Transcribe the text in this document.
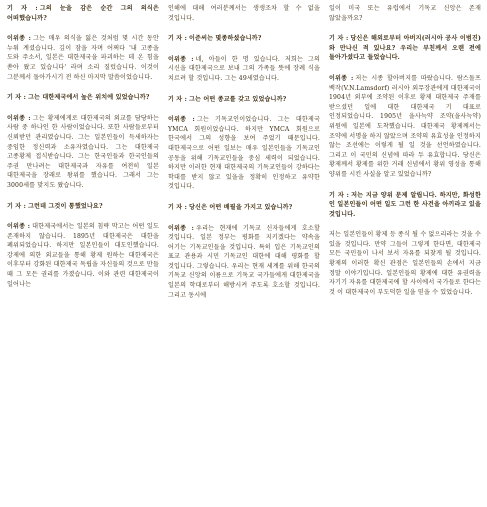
기 자 : 그의 눈을 감은 순간 그의 의식은 어떠했습니까?

이위종 : 그는 매우 의식을 잃은 것처럼 몇 시간 동안 누워 계셨습니다. 깊이 잠을 자며 어쩌다 '내 고종을 도와 주소서, 일본은 대한제국을 파괴하는 데 온 힘을 쏟아 왔고 있습니다' 라며 소리 질렀습니다. 이것이 그분께서 돌아가시기 전 하신 마지막 말씀이었습니다.

기 자 : 그는 대한제국에서 높은 위치에 있었습니까?

이위종 : 그는 황제에게로 대한제국의 외교를 담당하는 사람 중 하나인 한 사람이었습니다. 또한 사람들로부터 신뢰받던 관리였습니다. 그는 일본인들이 득세하자는 중임한 정신력과 소유자였습니다. 그는 대한제국 고종황제 접식받습니다. 그는 한국인들과 한국인들의 주권 만나려는 대한제국과 자유를 여전히 일본 대한제국을 장래로 왕위를 했습니다. 그래서 그는 3000세를 맞지도 왔습니다.

기 자 : 그런데 그것이 통했었나요?

이위종 : 대한제국에서는 일본의 침략 막고는 어떤 일도 존재하지 않습니다. 1895년 대한제국은 대한을 폐위되었습니다. 하지만 일본인들이 대도인했습니다. 강제에 의한 외교들을 통해 황제 원하는 대한제국은 이후부터 강화된 대한제국 독립을 자신들의 것으로 만들 때 그 모든 권리를 가졌습니다. 이와 관련 대한제국이 일어나는

인해에 대해 여러분께서는 생생조차 할 수 없을 것입니다.

기 자 : 이준씨는 몇종하셨습니까?

이위종 : 네, 아들이 한 명 있습니다. 저희는 그의 시신을 대한제국으로 보내 그의 가족들 뜻에 장례 식을 치르려 할 것입니다. 그는 49세였습니다.

기 자 : 그는 어떤 종교를 갖고 있었습니까?

이위종 : 그는 기독교인이었습니다. 그는 대한제국 YMCA 회원이었습니다. 하지만 YMCA 회원으로 한국에서 그의 성향을 보여 주었기 때문입니다. 대한제국으로 어떤 일보는 매우 일본인들을 기독교인 공동을 위해 기독교인들을 중심 세력이 되었습니다. 하지만 이러한 현재 대한제국의 기독교인들이 강하다는 학대를 받지 않고 있을을 정확히 인정하고 유약한 것입니다.

기 자 : 당신은 어떤 배필을 가지고 있습니까?

이위종 : 우리는 현재에 기독교 신자들에게 호소할 것입니다. 일본 정부는 평화를 지키겠다는 약속을 어기는 기독교인들을 것입니다. 특히 입은 기독교인의 표교 관용과 시민 기독교인 대한에 대해 평화를 할 것입니다. 그렇습니다. 우리는 현재 세계를 위해 한국의 기독교 신앙의 이름으로 기독교 국가들에게 대한제국을 일본의 학대로부터 해방시켜 주도록 호소할 것입니다. 그리고 동시에

일이 미국 또는 유럽에서 기독교 신앙은 존재 않았을까요?

기 자 : 당신은 해외로부터 아버지(러시아 공사 이범진)와 만나신 적 있나요? 우리는 부친께서 오랜 전에 돌아가셨다고 들었습니다.

이위종 : 저는 시종 할아버지를 따랐습니다. 람스돌프 백작(V.N.Lamsdorf) 러시아 외무장관에게 대한제국이 1904년 외부에 조약된 이후로 황제 대한제국 주재를 받으셨던 일에 대한 대한제국 기 대표로 인정되었습니다. 1905년 을사늑약 조약(을사늑약) 위원에 일본에 도착했습니다. 대한제국 황제께서는 조약에 서명을 하지 않았으며 조약의 유효성을 인정하지 않는 조선에는 이렇게 될 일 것을 선언하였습니다. 그리고 이 국민의 신념에 따라 두 유효합니다. 당신은 황제께서 황제를 위한 거래 신념에서 황위 영성을 통해 양위를 시킨 사실을 알고 있었습니까?

기 자 : 저는 지금 양위 문제 알립니다. 하지만, 화성한 인 일본인들이 어떤 일도 그런 한 사건을 아끼라고 있을 것입니다.

저는 일본인들이 황제 등 종식 될 수 없으리라는 것을 수 있을 것입니다. 만약 그들이 그렇게 한다면, 대한제국 모든 국민들이 나서 보서 자유를 되찾게 될 것입니다. 황제의 이러한 확신 관점은 일본인들의 손에서 지금 정말 이야기입니다. 일본인들의 황제에 대한 유권력을 자기기 자유를 대한제국에 할 사이에서 국가들로 한다는 것 이 대한제국이 부도덕한 일을 믿을 수 있었습니다.
